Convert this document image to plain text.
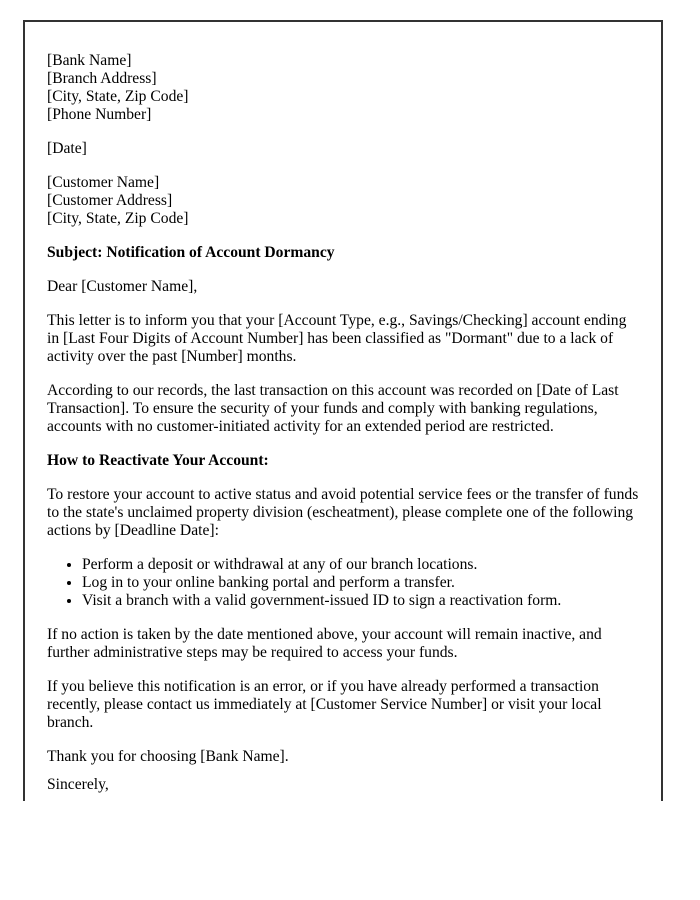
[Bank Name]
[Branch Address]
[City, State, Zip Code]
[Phone Number]

[Date]

[Customer Name]
[Customer Address]
[City, State, Zip Code]

Subject: Notification of Account Dormancy

Dear [Customer Name],

This letter is to inform you that your [Account Type, e.g., Savings/Checking] account ending in [Last Four Digits of Account Number] has been classified as "Dormant" due to a lack of activity over the past [Number] months.

According to our records, the last transaction on this account was recorded on [Date of Last Transaction]. To ensure the security of your funds and comply with banking regulations, accounts with no customer-initiated activity for an extended period are restricted.

How to Reactivate Your Account:

To restore your account to active status and avoid potential service fees or the transfer of funds to the state's unclaimed property division (escheatment), please complete one of the following actions by [Deadline Date]:

• Perform a deposit or withdrawal at any of our branch locations.
• Log in to your online banking portal and perform a transfer.
• Visit a branch with a valid government-issued ID to sign a reactivation form.

If no action is taken by the date mentioned above, your account will remain inactive, and further administrative steps may be required to access your funds.

If you believe this notification is an error, or if you have already performed a transaction recently, please contact us immediately at [Customer Service Number] or visit your local branch.

Thank you for choosing [Bank Name].

Sincerely,
